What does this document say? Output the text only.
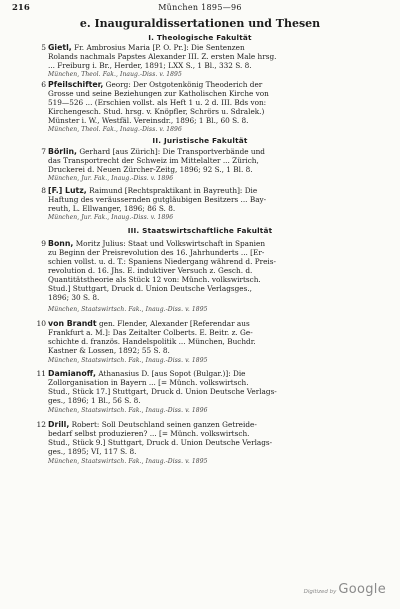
216	München 1895—96
e. Inauguraldissertationen und Thesen
I. Theologische Fakultät
5 Gietl, Fr. Ambrosius Maria [P. O. Pr.]: Die Sentenzen
Rolands nachmals Papstes Alexander III. Z. ersten Male hrsg.
... Freiburg i. Br., Herder, 1891; LXX S., 1 Bl., 332 S. 8.
München, Theol. Fak., Inaug.-Diss. v. 1895
6 Pfeilschifter, Georg: Der Ostgotenkönig Theoderich der
Grosse und seine Beziehungen zur Katholischen Kirche von
519—526 ... (Erschien vollst. als Heft 1 u. 2 d. III. Bds von:
Kirchengesch. Stud. hrsg. v. Knöpfler, Schrörs u. Sdralek.)
Münster i. W., Westfäl. Vereinsdr., 1896; 1 Bl., 60 S. 8.
München, Theol. Fak., Inaug.-Diss. v. 1896
II. Juristische Fakultät
7 Börlin, Gerhard [aus Zürich]: Die Transportverbände und
das Transportrecht der Schweiz im Mittelalter ... Zürich,
Druckerei d. Neuen Zürcher-Zeitg, 1896; 92 S., 1 Bl. 8.
München, Jur. Fak., Inaug.-Diss. v. 1896
8 [F.] Lutz, Raimund [Rechtspraktikant in Bayreuth]: Die
Haftung des veräussernden gutgläubigen Besitzers ... Bay-
reuth, L. Ellwanger, 1896; 86 S. 8.
München, Jur. Fak., Inaug.-Diss. v. 1896
III. Staatswirtschaftliche Fakultät
9 Bonn, Moritz Julius: Staat und Volkswirtschaft in Spanien
zu Beginn der Preisrevolution des 16. Jahrhunderts ... [Er-
schien vollst. u. d. T.: Spaniens Niedergang während d. Preis-
revolution d. 16. Jhs. E. induktiver Versuch z. Gesch. d.
Quantitätstheorie als Stück 12 von: Münch. volkswirtsch.
Stud.] Stuttgart, Druck d. Union Deutsche Verlagsges.,
1896; 30 S. 8.
München, Staatswirtsch. Fak., Inaug.-Diss. v. 1895
10 von Brandt gen. Flender, Alexander [Referendar aus
Frankfurt a. M.]: Das Zeitalter Colberts. E. Beitr. z. Ge-
schichte d. französ. Handelspolitik ... München, Buchdr.
Kastner & Lossen, 1892; 55 S. 8.
München, Staatswirtsch. Fak., Inaug.-Diss. v. 1895
11 Damianoff, Athanasius D. [aus Sopot (Bulgar.)]: Die
Zollorganisation in Bayern ... [= Münch. volkswirtsch.
Stud., Stück 17.] Stuttgart, Druck d. Union Deutsche Verlags-
ges., 1896; 1 Bl., 56 S. 8.
München, Staatswirtsch. Fak., Inaug.-Diss. v. 1896
12 Drill, Robert: Soll Deutschland seinen ganzen Getreide-
bedarf selbst produzieren? ... [= Münch. volkswirtsch.
Stud., Stück 9.] Stuttgart, Druck d. Union Deutsche Verlags-
ges., 1895; VI, 117 S. 8.
München, Staatswirtsch. Fak., Inaug.-Diss. v. 1895
Digitized by Google
